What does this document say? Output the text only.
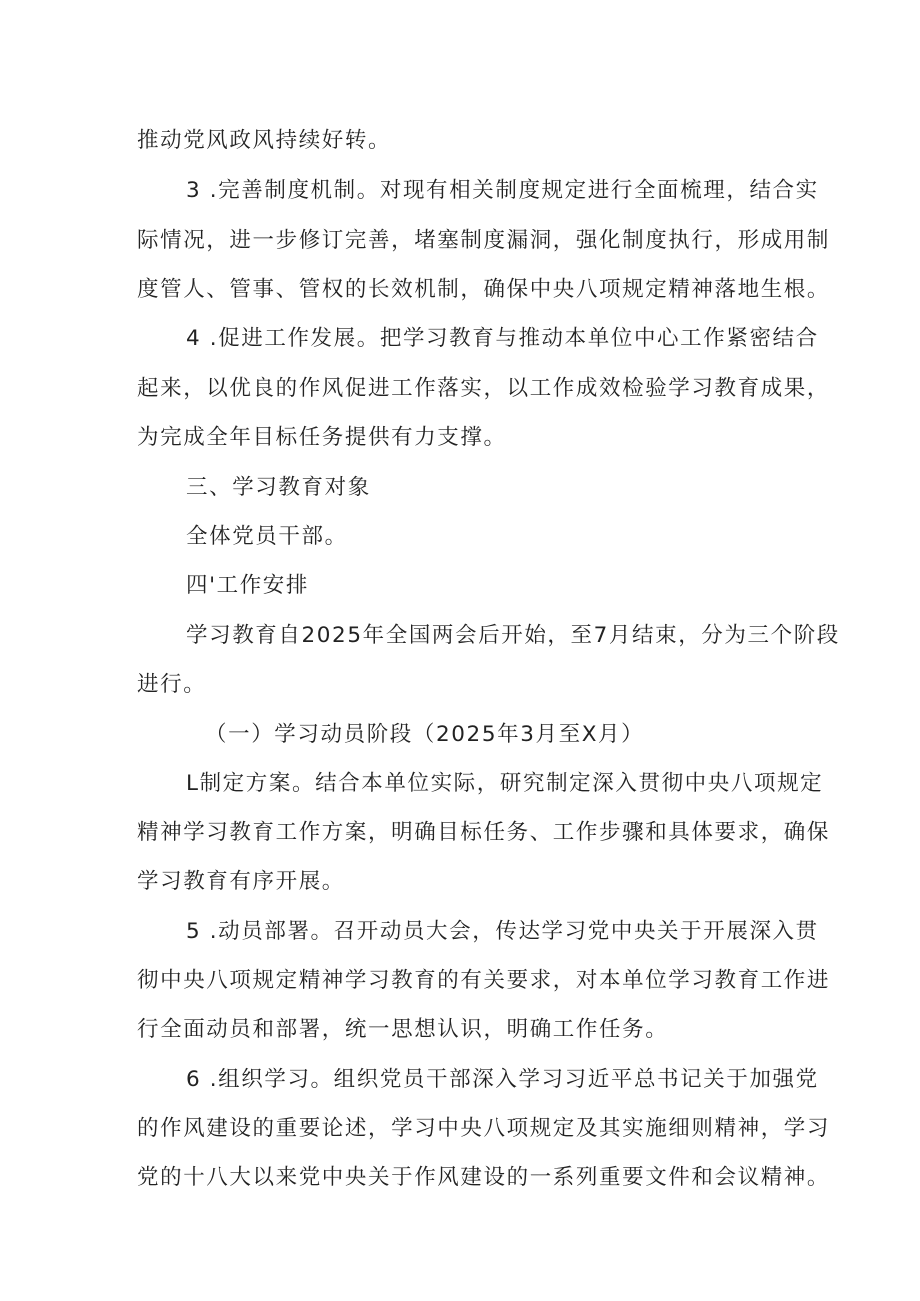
推动党风政风持续好转。
3 .完善制度机制。对现有相关制度规定进行全面梳理，结合实
际情况，进一步修订完善，堵塞制度漏洞，强化制度执行，形成用制
度管人、管事、管权的长效机制，确保中央八项规定精神落地生根。
4 .促进工作发展。把学习教育与推动本单位中心工作紧密结合
起来，以优良的作风促进工作落实，以工作成效检验学习教育成果，
为完成全年目标任务提供有力支撑。
三、学习教育对象
全体党员干部。
四'工作安排
学习教育自2025年全国两会后开始，至7月结束，分为三个阶段
进行。
（一）学习动员阶段（2025年3月至X月）
L制定方案。结合本单位实际，研究制定深入贯彻中央八项规定
精神学习教育工作方案，明确目标任务、工作步骤和具体要求，确保
学习教育有序开展。
5 .动员部署。召开动员大会，传达学习党中央关于开展深入贯
彻中央八项规定精神学习教育的有关要求，对本单位学习教育工作进
行全面动员和部署，统一思想认识，明确工作任务。
6 .组织学习。组织党员干部深入学习习近平总书记关于加强党
的作风建设的重要论述，学习中央八项规定及其实施细则精神，学习
党的十八大以来党中央关于作风建设的一系列重要文件和会议精神。
